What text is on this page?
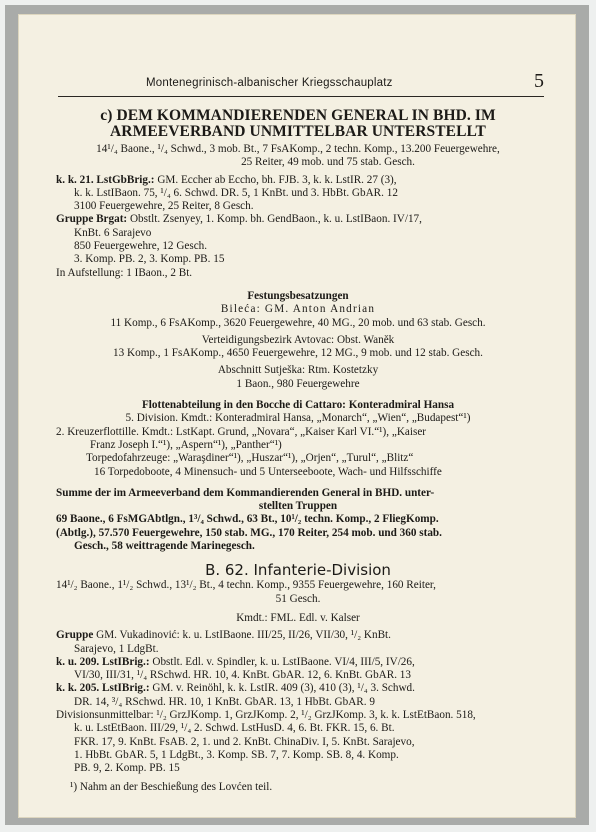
Montenegrinisch-albanischer Kriegsschauplatz	5
c) DEM KOMMANDIERENDEN GENERAL IN BHD. IM
ARMEEVERBAND UNMITTELBAR UNTERSTELLT
14¹/₄ Baone., ¹/₄ Schwd., 3 mob. Bt., 7 FsAKomp., 2 techn. Komp., 13.200 Feuergewehre,
25 Reiter, 49 mob. und 75 stab. Gesch.
k. k. 21. LstGbBrig.: GM. Eccher ab Eccho, bh. FJB. 3, k. k. LstIR. 27 (3),
k. k. LstIBaon. 75, ¹/₄ 6. Schwd. DR. 5, 1 KnBt. und 3. HbBt. GbAR. 12
3100 Feuergewehre, 25 Reiter, 8 Gesch.
Gruppe Brgat: Obstlt. Zsenyey, 1. Komp. bh. GendBaon., k. u. LstIBaon. IV/17,
KnBt. 6 Sarajevo
850 Feuergewehre, 12 Gesch.
3. Komp. PB. 2, 3. Komp. PB. 15
In Aufstellung: 1 IBaon., 2 Bt.
Festungsbesatzungen
Bileća: GM. Anton Andrian
11 Komp., 6 FsAKomp., 3620 Feuergewehre, 40 MG., 20 mob. und 63 stab. Gesch.
Verteidigungsbezirk Avtovac: Obst. Waněk
13 Komp., 1 FsAKomp., 4650 Feuergewehre, 12 MG., 9 mob. und 12 stab. Gesch.
Abschnitt Sutješka: Rtm. Kostetzky
1 Baon., 980 Feuergewehre
Flottenabteilung in den Bocche di Cattaro: Konteradmiral Hansa
5. Division. Kmdt.: Konteradmiral Hansa, „Monarch“, „Wien“, „Budapest“¹)
2. Kreuzerflottille. Kmdt.: LstKapt. Grund, „Novara“, „Kaiser Karl VI.“¹), „Kaiser
Franz Joseph I.“¹), „Aspern“¹), „Panther“¹)
Torpedofahrzeuge: „Waraşdiner“¹), „Huszar“¹), „Orjen“, „Turul“, „Blitz“
16 Torpedoboote, 4 Minensuch- und 5 Unterseeboote, Wach- und Hilfsschiffe
Summe der im Armeeverband dem Kommandierenden General in BHD. unter-
stellten Truppen
69 Baone., 6 FsMGAbtlgn., 1³/₄ Schwd., 63 Bt., 10¹/₂ techn. Komp., 2 FliegKomp.
(Abtlg.), 57.570 Feuergewehre, 150 stab. MG., 170 Reiter, 254 mob. und 360 stab.
Gesch., 58 weittragende Marinegesch.
B. 62. Infanterie-Division
14¹/₂ Baone., 1¹/₂ Schwd., 13¹/₂ Bt., 4 techn. Komp., 9355 Feuergewehre, 160 Reiter,
51 Gesch.
Kmdt.: FML. Edl. v. Kalser
Gruppe GM. Vukadinović: k. u. LstIBaone. III/25, II/26, VII/30, ¹/₂ KnBt.
Sarajevo, 1 LdgBt.
k. u. 209. LstIBrig.: Obstlt. Edl. v. Spindler, k. u. LstIBaone. VI/4, III/5, IV/26,
VI/30, III/31, ¹/₄ RSchwd. HR. 10, 4. KnBt. GbAR. 12, 6. KnBt. GbAR. 13
k. k. 205. LstIBrig.: GM. v. Reinöhl, k. k. LstIR. 409 (3), 410 (3), ¹/₄ 3. Schwd.
DR. 14, ³/₄ RSchwd. HR. 10, 1 KnBt. GbAR. 13, 1 HbBt. GbAR. 9
Divisionsunmittelbar: ¹/₂ GrzJKomp. 1, GrzJKomp. 2, ¹/₂ GrzJKomp. 3, k. k. LstEtBaon. 518,
k. u. LstEtBaon. III/29, ¹/₄ 2. Schwd. LstHusD. 4, 6. Bt. FKR. 15, 6. Bt.
FKR. 17, 9. KnBt. FsAB. 2, 1. und 2. KnBt. ChinaDiv. I, 5. KnBt. Sarajevo,
1. HbBt. GbAR. 5, 1 LdgBt., 3. Komp. SB. 7, 7. Komp. SB. 8, 4. Komp.
PB. 9, 2. Komp. PB. 15
¹) Nahm an der Beschießung des Lovćen teil.
